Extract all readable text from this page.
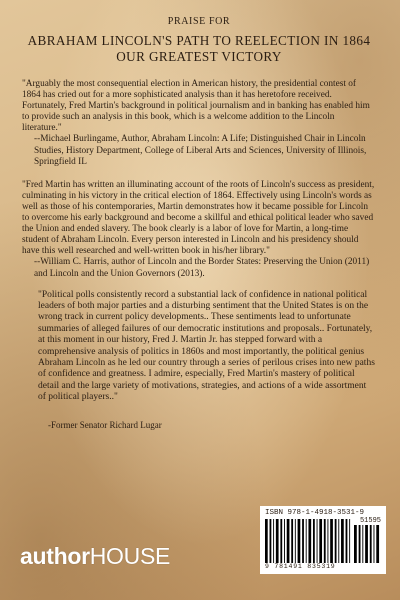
PRAISE FOR
ABRAHAM LINCOLN'S PATH TO REELECTION IN 1864
OUR GREATEST VICTORY

"Arguably the most consequential election in American history, the presidential contest of 1864 has cried out for a more sophisticated analysis than it has heretofore received. Fortunately, Fred Martin's background in political journalism and in banking has enabled him to provide such an analysis in this book, which is a welcome addition to the Lincoln literature."

--Michael Burlingame, Author, Abraham Lincoln: A Life; Distinguished Chair in Lincoln Studies, History Department, College of Liberal Arts and Sciences, University of Illinois, Springfield IL

"Fred Martin has written an illuminating account of the roots of Lincoln's success as president, culminating in his victory in the critical election of 1864. Effectively using Lincoln's words as well as those of his contemporaries, Martin demonstrates how it became possible for Lincoln to overcome his early background and become a skillful and ethical political leader who saved the Union and ended slavery. The book clearly is a labor of love for Martin, a long-time student of Abraham Lincoln. Every person interested in Lincoln and his presidency should have this well researched and well-written book in his/her library."

--William C. Harris, author of Lincoln and the Border States: Preserving the Union (2011) and Lincoln and the Union Governors (2013).

"Political polls consistently record a substantial lack of confidence in national political leaders of both major parties and a disturbing sentiment that the United States is on the wrong track in current policy developments.. These sentiments lead to unfortunate summaries of alleged failures of our democratic institutions and proposals.. Fortunately, at this moment in our history, Fred J. Martin Jr. has stepped forward with a comprehensive analysis of politics in 1860s and most importantly, the political genius Abraham Lincoln as he led our country through a series of perilous crises into new paths of confidence and greatness. I admire, especially, Fred Martin's mastery of political detail and the large variety of motivations, strategies, and actions of a wide assortment of political players.."

-Former Senator Richard Lugar

authorHOUSE
ISBN 978-1-4918-3531-9
51595
9 781491 835319
